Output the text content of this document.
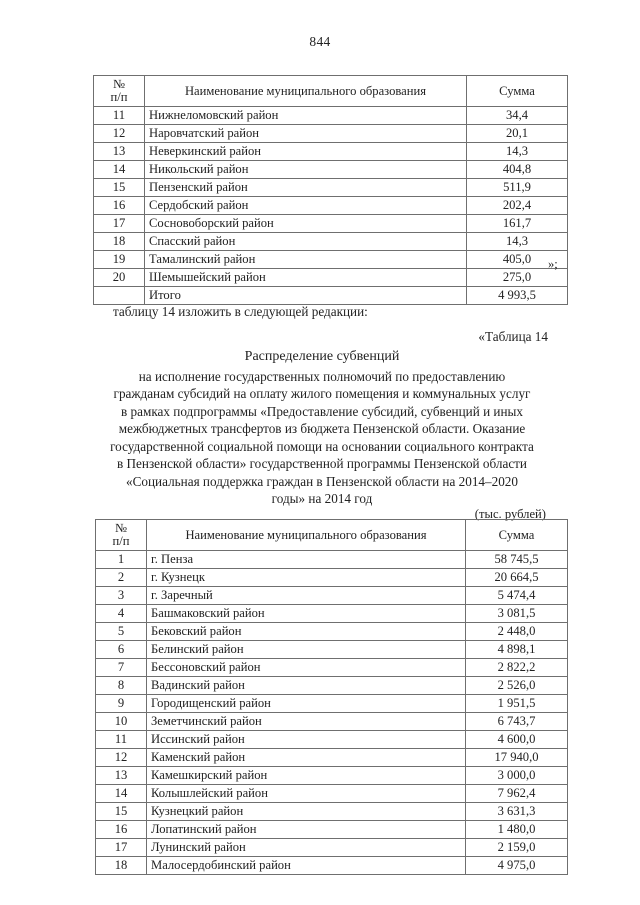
844
№
п/п	Наименование муниципального образования	Сумма
11	Нижнеломовский район	34,4
12	Наровчатский район	20,1
13	Неверкинский район	14,3
14	Никольский район	404,8
15	Пензенский район	511,9
16	Сердобский район	202,4
17	Сосновоборский район	161,7
18	Спасский район	14,3
19	Тамалинский район	405,0
20	Шемышейский район	275,0
	Итого	4 993,5
»;
таблицу 14 изложить в следующей редакции:
«Таблица 14
Распределение субвенций
на исполнение государственных полномочий по предоставлению
гражданам субсидий на оплату жилого помещения и коммунальных услуг
в рамках подпрограммы «Предоставление субсидий, субвенций и иных
межбюджетных трансфертов из бюджета Пензенской области. Оказание
государственной социальной помощи на основании социального контракта
в Пензенской области» государственной программы Пензенской области
«Социальная поддержка граждан в Пензенской области на 2014–2020
годы» на 2014 год
(тыс. рублей)
№
п/п	Наименование муниципального образования	Сумма
1	г. Пенза	58 745,5
2	г. Кузнецк	20 664,5
3	г. Заречный	5 474,4
4	Башмаковский район	3 081,5
5	Бековский район	2 448,0
6	Белинский район	4 898,1
7	Бессоновский район	2 822,2
8	Вадинский район	2 526,0
9	Городищенский район	1 951,5
10	Земетчинский район	6 743,7
11	Иссинский район	4 600,0
12	Каменский район	17 940,0
13	Камешкирский район	3 000,0
14	Колышлейский район	7 962,4
15	Кузнецкий район	3 631,3
16	Лопатинский район	1 480,0
17	Лунинский район	2 159,0
18	Малосердобинский район	4 975,0
